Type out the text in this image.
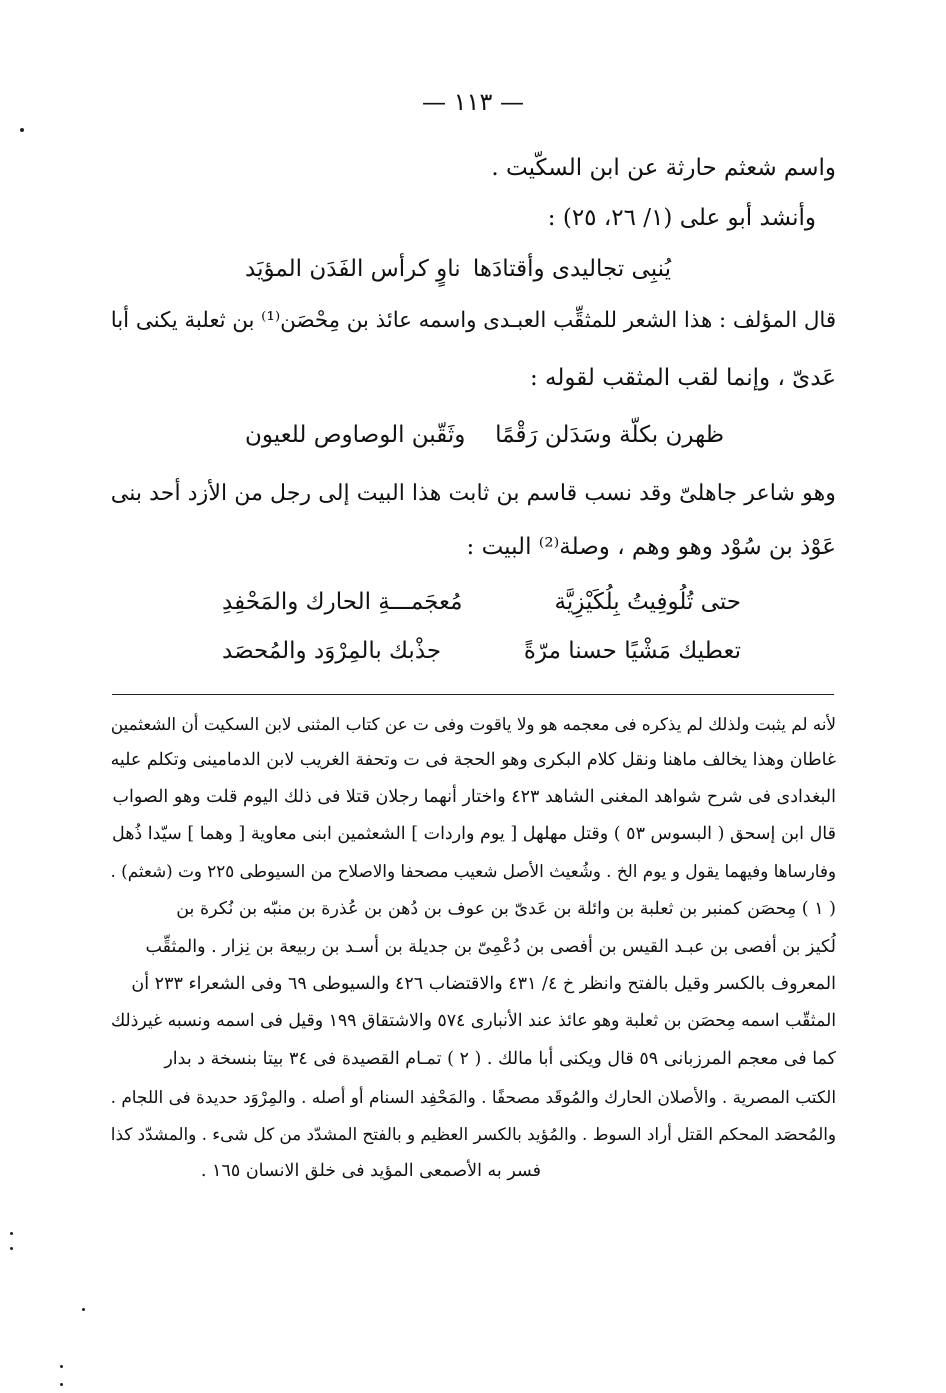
— ١١٣ —
واسم شعثم حارثة عن ابن السكّيت .
وأنشد أبو على (١/ ٢٦، ٢٥) :
يُنبِى تجاليدى وأقتادَها
ناوٍ كرأس الفَدَن المؤيَد
قال المؤلف : هذا الشعر للمثقِّب العبـدى واسمه عائذ بن مِحْصَن⁽¹⁾ بن ثعلبة يكنى أبا
عَدىّ ، وإنما لقب المثقب لقوله :
ظهرن بكلّة وسَدَلن رَقْمًا
وثَقّبن الوصاوص للعيون
وهو شاعر جاهلىّ وقد نسب قاسم بن ثابت هذا البيت إلى رجل من الأزد أحد بنى
عَوْذ بن سُوْد وهو وهم ، وصلة⁽²⁾ البيت :
حتى تُلُوفِيتُ بِلُكَيْزِيَّة
مُعجَمـــةِ الحارك والمَحْفِدِ
تعطيك مَشْيًا حسنا مرّةً
جذْبك بالمِرْوَد والمُحصَد
لأنه لم يثبت ولذلك لم يذكره فى معجمه هو ولا ياقوت وفى ت عن كتاب المثنى لابن السكيت أن الشعثمين
غاطان وهذا يخالف ماهنا ونقل كلام البكرى وهو الحجة فى ت وتحفة الغريب لابن الدمامينى وتكلم عليه
البغدادى فى شرح شواهد المغنى الشاهد ٤٢٣ واختار أنهما رجلان قتلا فى ذلك اليوم قلت وهو الصواب
قال ابن إسحق ( البسوس ٥٣ ) وقتل مهلهل [ يوم واردات ] الشعثمين ابنى معاوية [ وهما ] سيّدا ذُهل
وفارساها وفيهما يقول و يوم الخ . وشُعيث الأصل شعيب مصحفا والاصلاح من السيوطى ٢٢٥ وت (شعثم) .
( ١ ) مِحصَن كمنبر بن ثعلبة بن وائلة بن عَدىّ بن عوف بن دُهن بن عُذرة بن منبّه بن نُكرة بن
لُكيز بن أفصى بن عبـد القيس بن أفصى بن دُعْمِىّ بن جديلة بن أسـد بن ربيعة بن نِزار . والمثقِّب
المعروف بالكسر وقيل بالفتح وانظر خ ٤/ ٤٣١ والاقتضاب ٤٢٦ والسيوطى ٦٩ وفى الشعراء ٢٣٣ أن
المثقّب اسمه مِحصَن بن ثعلبة وهو عائذ عند الأنبارى ٥٧٤ والاشتقاق ١٩٩ وقيل فى اسمه ونسبه غيرذلك
كما فى معجم المرزبانى ٥٩ قال ويكنى أبا مالك . ( ٢ ) تمـام القصيدة فى ٣٤ بيتا بنسخة د بدار
الكتب المصرية . والأصلان الحارك والمُوقَد مصحفًا . والمَحْفِد السنام أو أصله . والمِرْوَد حديدة فى اللجام .
والمُحصَد المحكم القتل أراد السوط . والمُؤيد بالكسر العظيم و بالفتح المشدّد من كل شىء . والمشدّد كذا
فسر به الأصمعى المؤيد فى خلق الانسان ١٦٥ .
